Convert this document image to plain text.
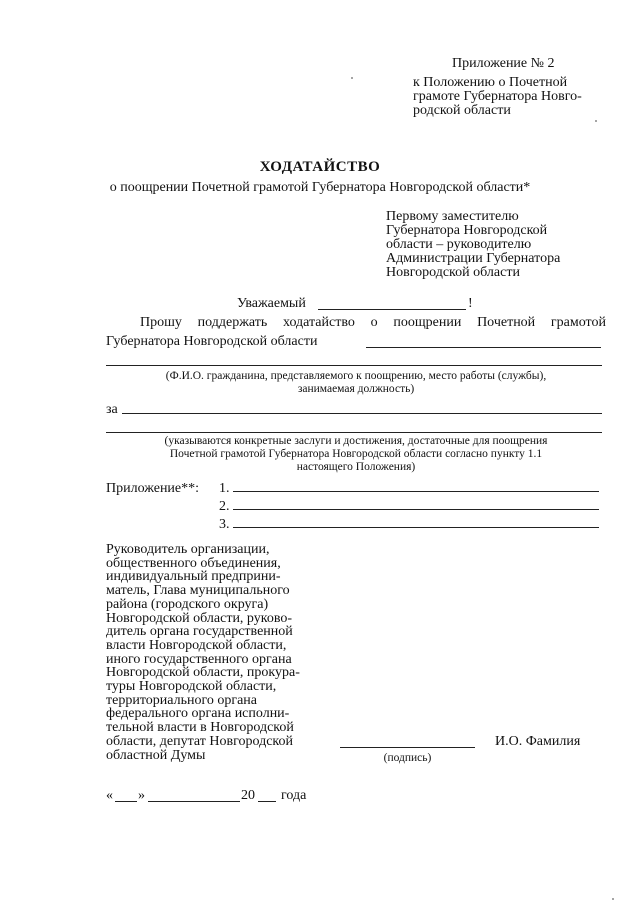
Приложение № 2
к Положению о Почетной
грамоте Губернатора Новго-
родской области
ХОДАТАЙСТВО
о поощрении Почетной грамотой Губернатора Новгородской области*
Первому заместителю
Губернатора Новгородской
области – руководителю
Администрации Губернатора
Новгородской области
Уважаемый	!
Прошу поддержать ходатайство о поощрении Почетной грамотой
Губернатора Новгородской области
(Ф.И.О. гражданина, представляемого к поощрению, место работы (службы),
занимаемая должность)
за
(указываются конкретные заслуги и достижения, достаточные для поощрения
Почетной грамотой Губернатора Новгородской области согласно пункту 1.1
настоящего Положения)
Приложение**: 1.
2.
3.
Руководитель организации,
общественного объединения,
индивидуальный предприни-
матель, Глава муниципального
района (городского округа)
Новгородской области, руково-
дитель органа государственной
власти Новгородской области,
иного государственного органа
Новгородской области, прокура-
туры Новгородской области,
территориального органа
федерального органа исполни-
тельной власти в Новгородской
области, депутат Новгородской
областной Думы	(подпись)
И.О. Фамилия
« »	20 года
